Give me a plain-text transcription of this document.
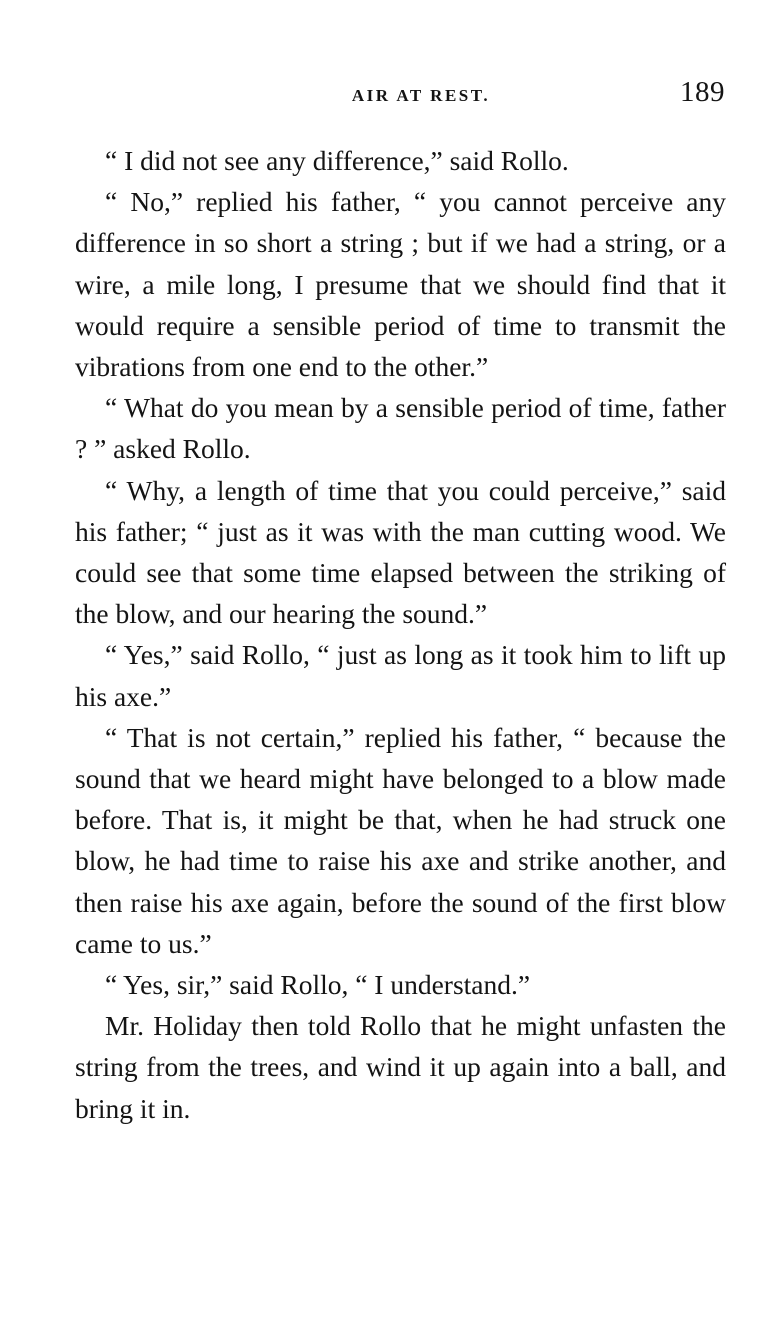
AIR AT REST.	189

“ I did not see any difference,” said Rollo.

“ No,” replied his father, “ you cannot perceive any difference in so short a string ; but if we had a string, or a wire, a mile long, I presume that we should find that it would require a sensible period of time to transmit the vibrations from one end to the other.”

“ What do you mean by a sensible period of time, father ? ” asked Rollo.

“ Why, a length of time that you could perceive,” said his father; “ just as it was with the man cutting wood. We could see that some time elapsed between the striking of the blow, and our hearing the sound.”

“ Yes,” said Rollo, “ just as long as it took him to lift up his axe.”

“ That is not certain,” replied his father, “ because the sound that we heard might have belonged to a blow made before. That is, it might be that, when he had struck one blow, he had time to raise his axe and strike another, and then raise his axe again, before the sound of the first blow came to us.”

“ Yes, sir,” said Rollo, “ I understand.”

Mr. Holiday then told Rollo that he might unfasten the string from the trees, and wind it up again into a ball, and bring it in.
